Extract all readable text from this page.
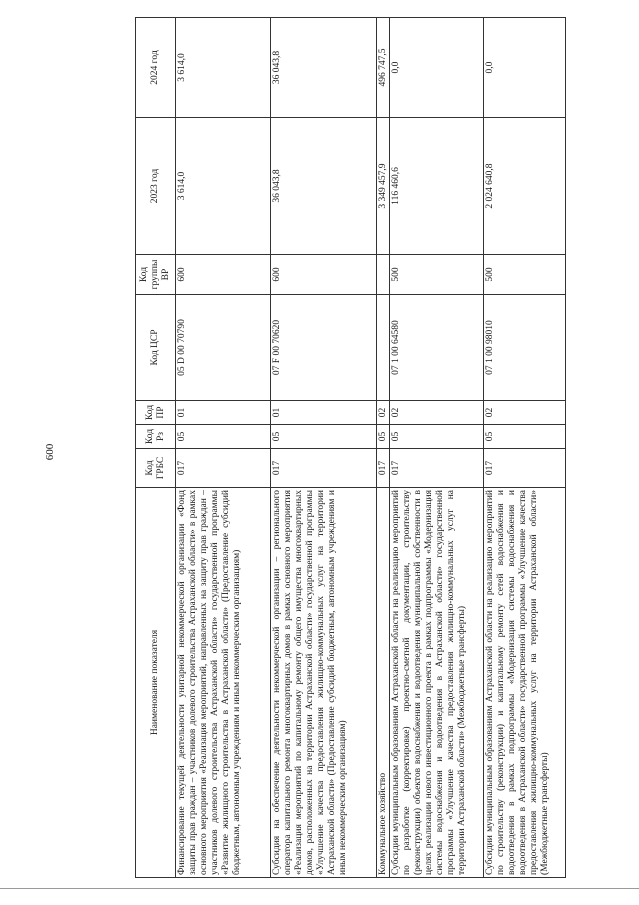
600
Наименование показателя	Код ГРБС	Код Рз	Код ПР	Код ЦСР	Код группы ВР	2023 год	2024 год
Финансирование текущей деятельности унитарной некоммерческой организации «Фонд защиты прав граждан – участников долевого строительства Астраханской области» в рамках основного мероприятия «Реализация мероприятий, направленных на защиту прав граждан – участников долевого строительства Астраханской области» государственной программы «Развитие жилищного строительства в Астраханской области» (Предоставление субсидий бюджетным, автономным учреждениям и иным некоммерческим организациям)	017	05	01	05 D 00 70790	600	3 614,0	3 614,0
Субсидия на обеспечение деятельности некоммерческой организации – регионального оператора капитального ремонта многоквартирных домов в рамках основного мероприятия «Реализация мероприятий по капитальному ремонту общего имущества многоквартирных домов, расположенных на территории Астраханской области» государственной программы «Улучшение качества предоставления жилищно-коммунальных услуг на территории Астраханской области» (Предоставление субсидий бюджетным, автономным учреждениям и иным некоммерческим организациям)	017	05	01	07 F 00 70620	600	36 043,8	36 043,8
Коммунальное хозяйство	017	05	02			3 349 457,9	496 747,5
Субсидии муниципальным образованиям Астраханской области на реализацию мероприятий по разработке (корректировке) проектно-сметной документации, строительству (реконструкции) объектов водоснабжения и водоотведения муниципальной собственности в целях реализации нового инвестиционного проекта в рамках подпрограммы «Модернизация системы водоснабжения и водоотведения в Астраханской области» государственной программы «Улучшение качества предоставления жилищно-коммунальных услуг на территории Астраханской области» (Межбюджетные трансферты)	017	05	02	07 1 00 64580	500	116 460,6	0,0
Субсидии муниципальным образованиям Астраханской области на реализацию мероприятий по строительству (реконструкции) и капитальному ремонту сетей водоснабжения и водоотведения в рамках подпрограммы «Модернизация системы водоснабжения и водоотведения в Астраханской области» государственной программы «Улучшение качества предоставления жилищно-коммунальных услуг на территории Астраханской области» (Межбюджетные трансферты)	017	05	02	07 1 00 98010	500	2 024 640,8	0,0
